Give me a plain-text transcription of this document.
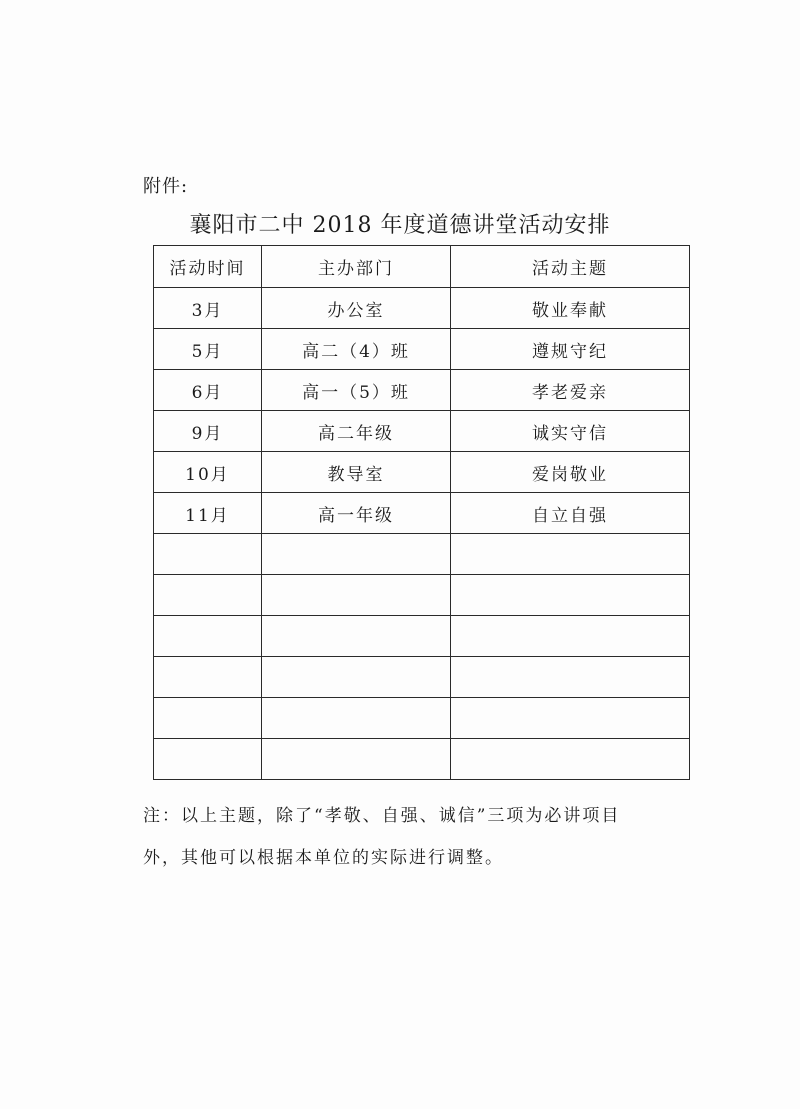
附件:
襄阳市二中 2018 年度道德讲堂活动安排
活动时间	主办部门	活动主题
3月	办公室	敬业奉献
5月	高二（4）班	遵规守纪
6月	高一（5）班	孝老爱亲
9月	高二年级	诚实守信
10月	教导室	爱岗敬业
11月	高一年级	自立自强

注：以上主题，除了“孝敬、自强、诚信”三项为必讲项目

外，其他可以根据本单位的实际进行调整。
